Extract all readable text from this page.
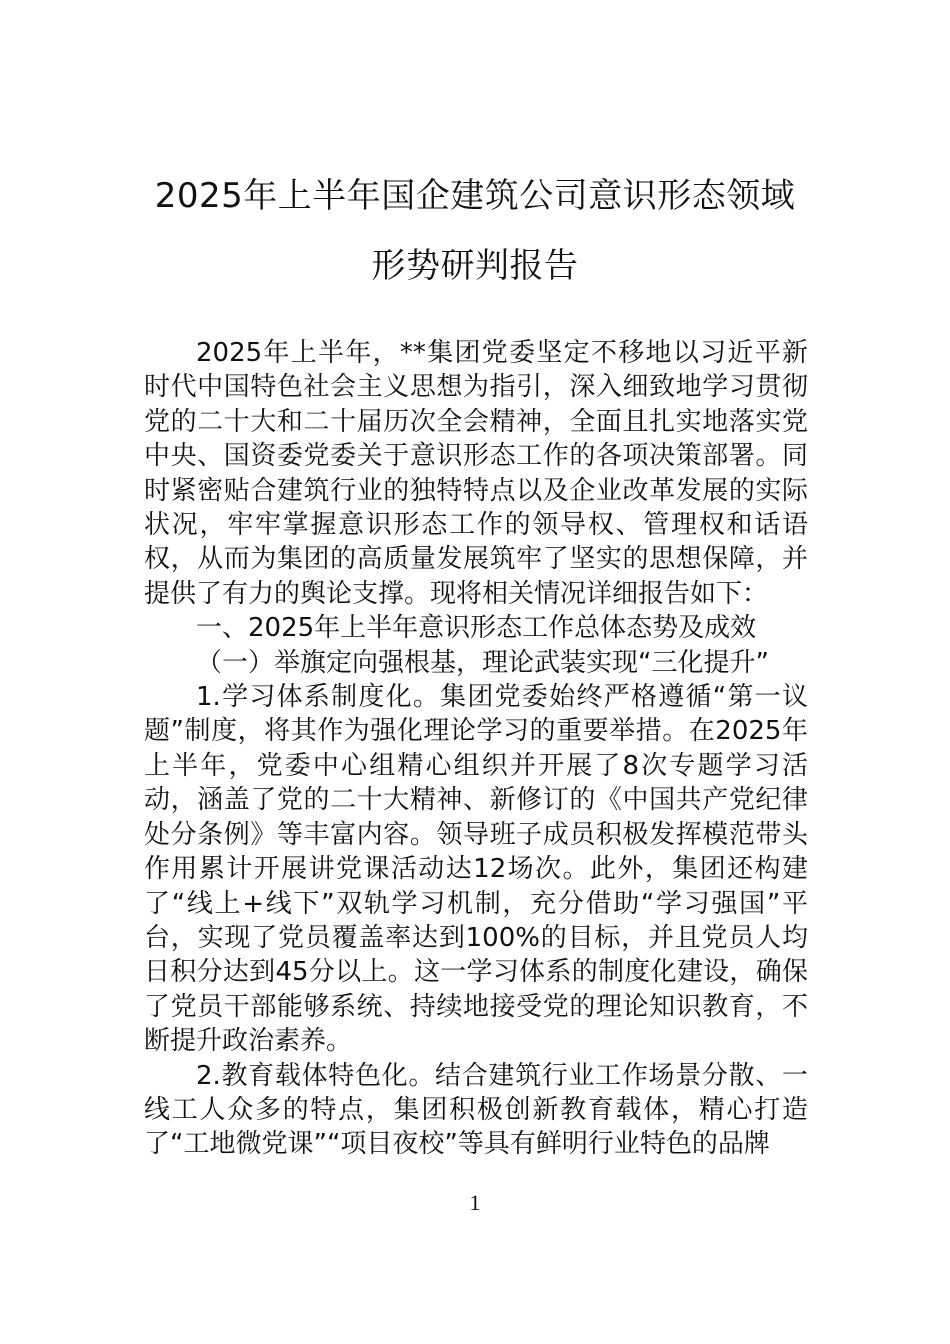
2025年上半年国企建筑公司意识形态领域
形势研判报告

2025年上半年，**集团党委坚定不移地以习近平新时代中国特色社会主义思想为指引，深入细致地学习贯彻党的二十大和二十届历次全会精神，全面且扎实地落实党中央、国资委党委关于意识形态工作的各项决策部署。同时紧密贴合建筑行业的独特特点以及企业改革发展的实际状况，牢牢掌握意识形态工作的领导权、管理权和话语权，从而为集团的高质量发展筑牢了坚实的思想保障，并提供了有力的舆论支撑。现将相关情况详细报告如下：

一、2025年上半年意识形态工作总体态势及成效

（一）举旗定向强根基，理论武装实现“三化提升”

1.学习体系制度化。集团党委始终严格遵循“第一议题”制度，将其作为强化理论学习的重要举措。在2025年上半年，党委中心组精心组织并开展了8次专题学习活动，涵盖了党的二十大精神、新修订的《中国共产党纪律处分条例》等丰富内容。领导班子成员积极发挥模范带头作用累计开展讲党课活动达12场次。此外，集团还构建了“线上+线下”双轨学习机制，充分借助“学习强国”平台，实现了党员覆盖率达到100%的目标，并且党员人均日积分达到45分以上。这一学习体系的制度化建设，确保了党员干部能够系统、持续地接受党的理论知识教育，不断提升政治素养。

2.教育载体特色化。结合建筑行业工作场景分散、一线工人众多的特点，集团积极创新教育载体，精心打造了“工地微党课”“项目夜校”等具有鲜明行业特色的品牌

1
